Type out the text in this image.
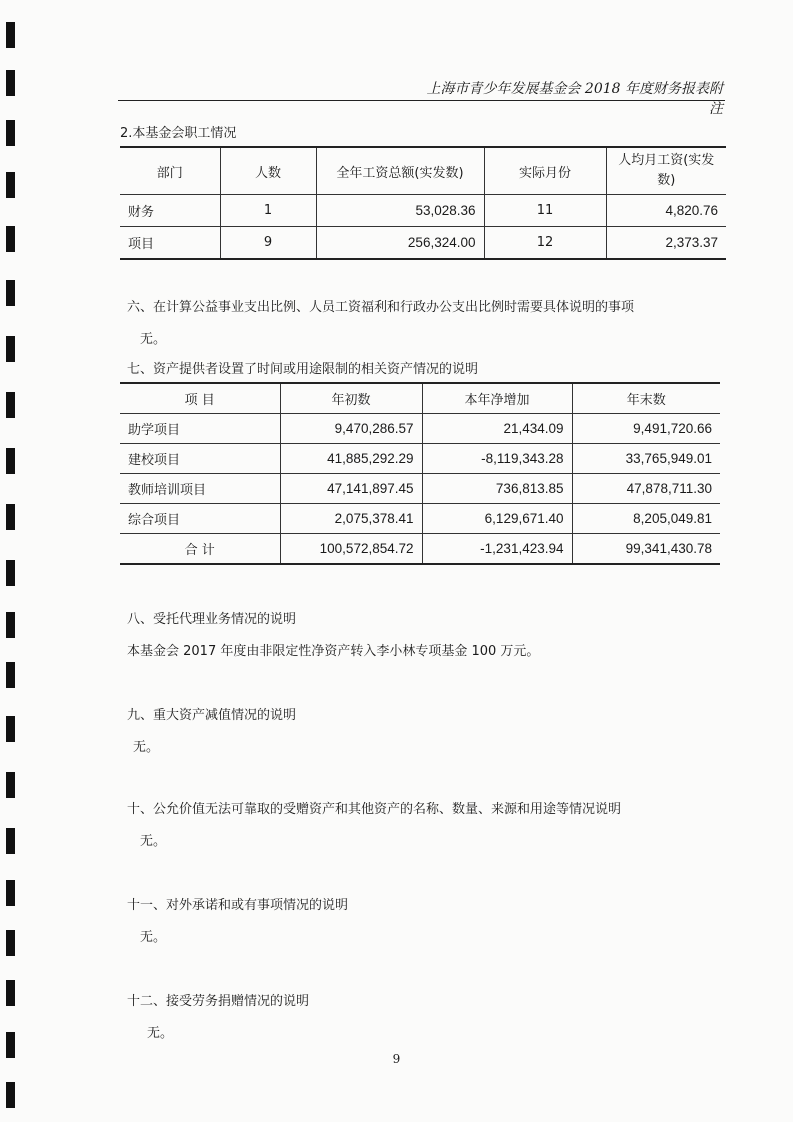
上海市青少年发展基金会 2018 年度财务报表附注
2.本基金会职工情况
部门	人数	全年工资总额(实发数)	实际月份	人均月工资(实发数)
财务	1	53,028.36	11	4,820.76
项目	9	256,324.00	12	2,373.37
六、在计算公益事业支出比例、人员工资福利和行政办公支出比例时需要具体说明的事项
无。
七、资产提供者设置了时间或用途限制的相关资产情况的说明
项 目	年初数	本年净增加	年末数
助学项目	9,470,286.57	21,434.09	9,491,720.66
建校项目	41,885,292.29	-8,119,343.28	33,765,949.01
教师培训项目	47,141,897.45	736,813.85	47,878,711.30
综合项目	2,075,378.41	6,129,671.40	8,205,049.81
合 计	100,572,854.72	-1,231,423.94	99,341,430.78
八、受托代理业务情况的说明
本基金会 2017 年度由非限定性净资产转入李小林专项基金 100 万元。
九、重大资产减值情况的说明
无。
十、公允价值无法可靠取的受赠资产和其他资产的名称、数量、来源和用途等情况说明
无。
十一、对外承诺和或有事项情况的说明
无。
十二、接受劳务捐赠情况的说明
无。
9
